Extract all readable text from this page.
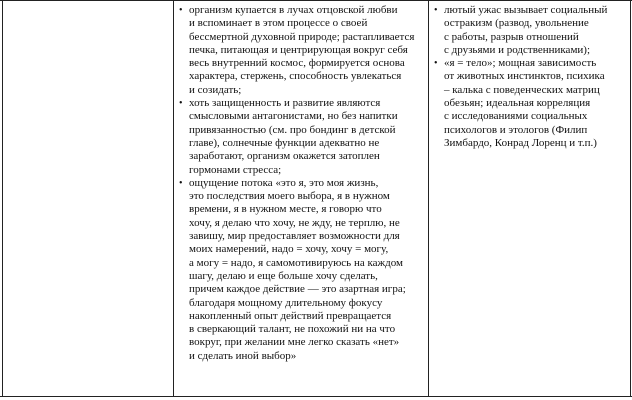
• организм купается в лучах отцовской любви

и вспоминает в этом процессе о своей

бессмертной духовной природе; растапливается

печка, питающая и центрирующая вокруг себя

весь внутренний космос, формируется основа

характера, стержень, способность увлекаться

и созидать;

• хоть защищенность и развитие являются

смысловыми антагонистами, но без напитки

привязанностью (см. про бондинг в детской

главе), солнечные функции адекватно не

заработают, организм окажется затоплен

гормонами стресса;

• ощущение потока «это я, это моя жизнь,

это последствия моего выбора, я в нужном

времени, я в нужном месте, я говорю что

хочу, я делаю что хочу, не жду, не терплю, не

завишу, мир предоставляет возможности для

моих намерений, надо = хочу, хочу = могу,

а могу = надо, я самомотивируюсь на каждом

шагу, делаю и еще больше хочу сделать,

причем каждое действие — это азартная игра;

благодаря мощному длительному фокусу

накопленный опыт действий превращается

в сверкающий талант, не похожий ни на что

вокруг, при желании мне легко сказать «нет»

и сделать иной выбор»

• лютый ужас вызывает социальный

остракизм (развод, увольнение

с работы, разрыв отношений

с друзьями и родственниками);

• «я = тело»; мощная зависимость

от животных инстинктов, психика

– калька с поведенческих матриц

обезьян; идеальная корреляция

с исследованиями социальных

психологов и этологов (Филип

Зимбардо, Конрад Лоренц и т.п.)
